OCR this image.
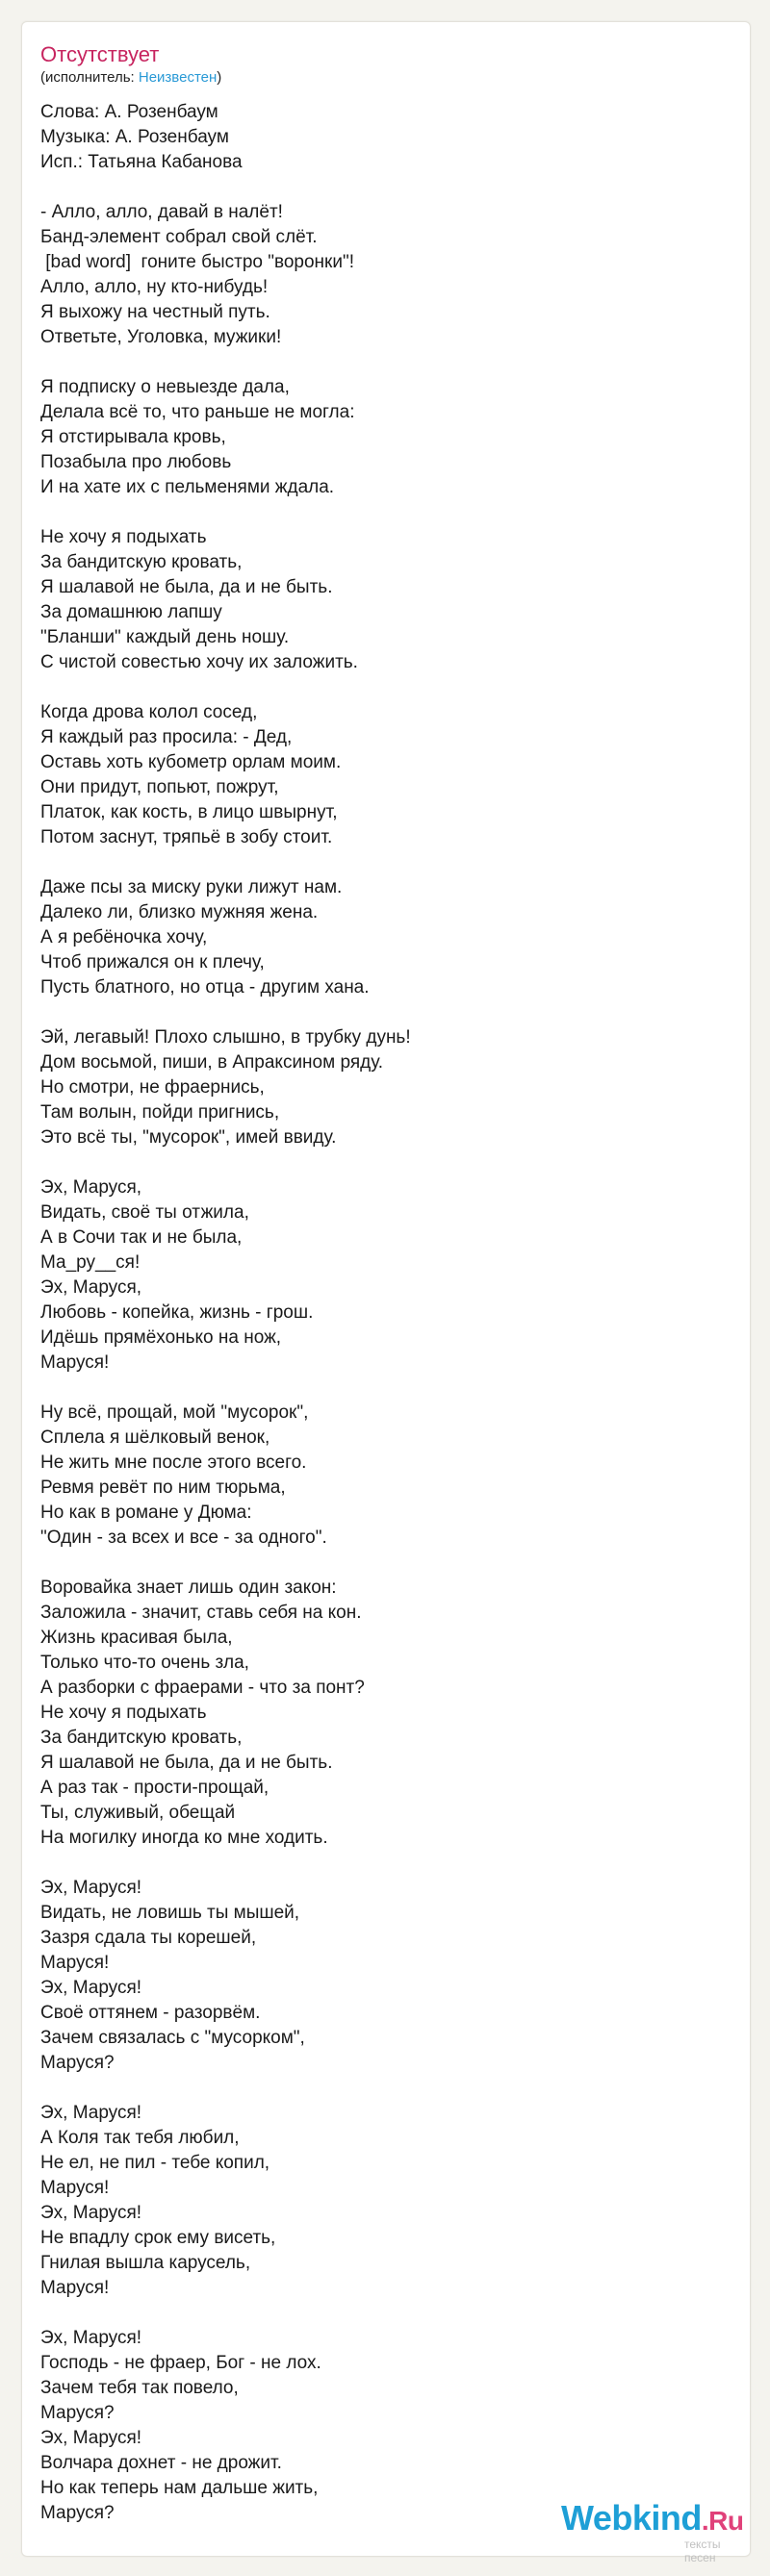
Отсутствует
(исполнитель: Неизвестен)
Слова: А. Розенбаум
Музыка: А. Розенбаум
Исп.: Татьяна Кабанова
- Алло, алло, давай в налёт!
Банд-элемент собрал свой слёт.
[bad word]  гоните быстро "воронки"!
Алло, алло, ну кто-нибудь!
Я выхожу на честный путь.
Ответьте, Уголовка, мужики!
Я подписку о невыезде дала,
Делала всё то, что раньше не могла:
Я отстирывала кровь,
Позабыла про любовь
И на хате их с пельменями ждала.
Не хочу я подыхать
За бандитскую кровать,
Я шалавой не была, да и не быть.
За домашнюю лапшу
"Бланши" каждый день ношу.
С чистой совестью хочу их заложить.
Когда дрова колол сосед,
Я каждый раз просила: - Дед,
Оставь хоть кубометр орлам моим.
Они придут, попьют, пожрут,
Платок, как кость, в лицо швырнут,
Потом заснут, тряпьё в зобу стоит.
Даже псы за миску руки лижут нам.
Далеко ли, близко мужняя жена.
А я ребёночка хочу,
Чтоб прижался он к плечу,
Пусть блатного, но отца - другим хана.
Эй, легавый! Плохо слышно, в трубку дунь!
Дом восьмой, пиши, в Апраксином ряду.
Но смотри, не фраернись,
Там волын, пойди пригнись,
Это всё ты, "мусорок", имей ввиду.
Эх, Маруся,
Видать, своё ты отжила,
А в Сочи так и не была,
Ма_ру__ся!
Эх, Маруся,
Любовь - копейка, жизнь - грош.
Идёшь прямёхонько на нож,
Маруся!
Ну всё, прощай, мой "мусорок",
Сплела я шёлковый венок,
Не жить мне после этого всего.
Ревмя ревёт по ним тюрьма,
Но как в романе у Дюма:
"Один - за всех и все - за одного".
Воровайка знает лишь один закон:
Заложила - значит, ставь себя на кон.
Жизнь красивая была,
Только что-то очень зла,
А разборки с фраерами - что за понт?
Не хочу я подыхать
За бандитскую кровать,
Я шалавой не была, да и не быть.
А раз так - прости-прощай,
Ты, служивый, обещай
На могилку иногда ко мне ходить.
Эх, Маруся!
Видать, не ловишь ты мышей,
Зазря сдала ты корешей,
Маруся!
Эх, Маруся!
Своё оттянем - разорвём.
Зачем связалась с "мусорком",
Маруся?
Эх, Маруся!
А Коля так тебя любил,
Не ел, не пил - тебе копил,
Маруся!
Эх, Маруся!
Не впадлу срок ему висеть,
Гнилая вышла карусель,
Маруся!
Эх, Маруся!
Господь - не фраер, Бог - не лох.
Зачем тебя так повело,
Маруся?
Эх, Маруся!
Волчара дохнет - не дрожит.
Но как теперь нам дальше жить,
Маруся?	Webkind.Ru
тексты песен
